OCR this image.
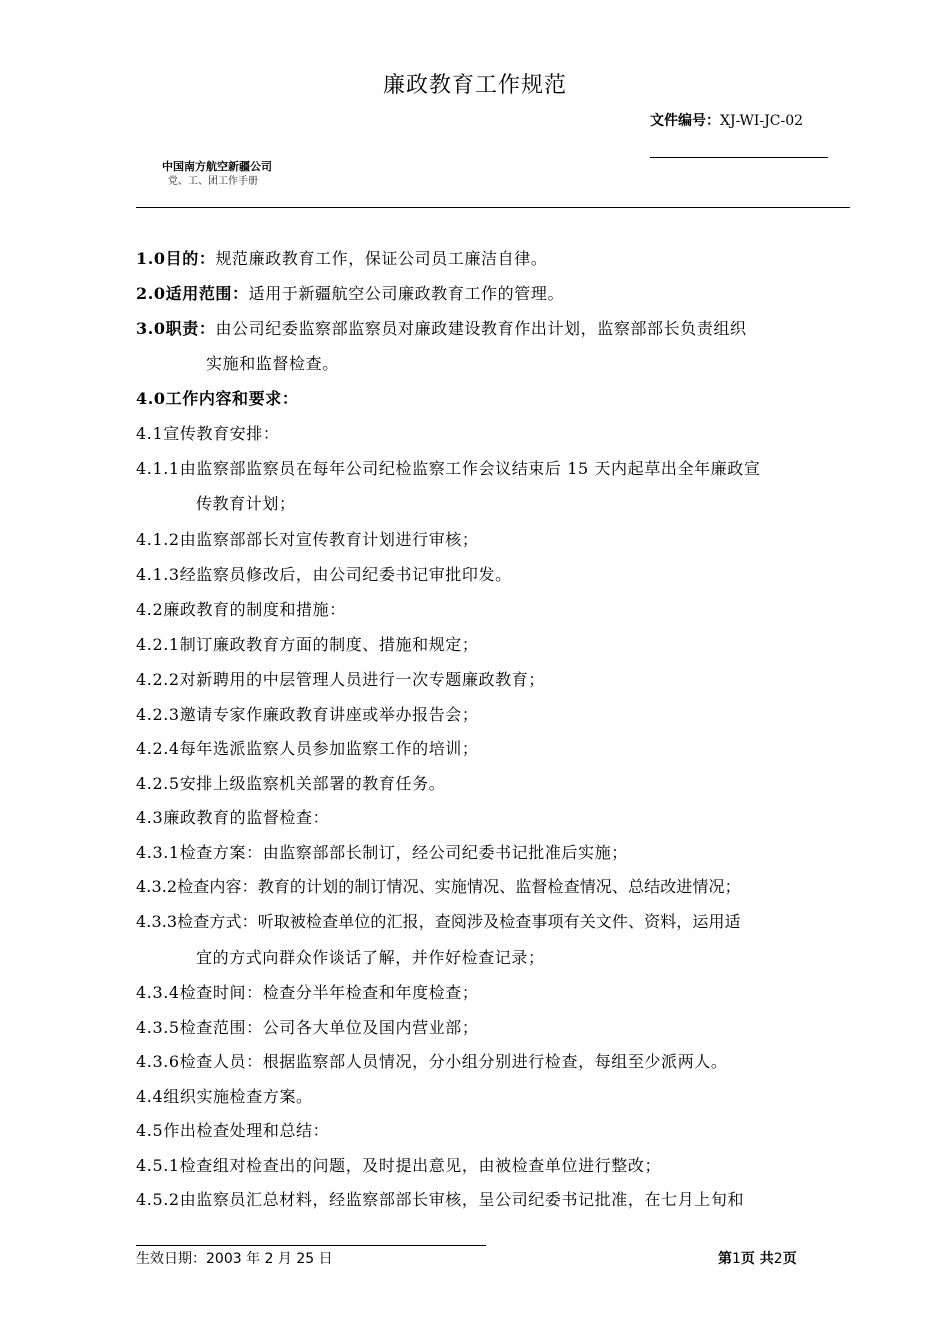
廉政教育工作规范
文件编号：XJ-WI-JC-02
中国南方航空新疆公司
党、工、团工作手册
1.0目的：规范廉政教育工作，保证公司员工廉洁自律。
2.0适用范围：适用于新疆航空公司廉政教育工作的管理。
3.0职责：由公司纪委监察部监察员对廉政建设教育作出计划，监察部部长负责组织
实施和监督检查。
4.0工作内容和要求：
4.1宣传教育安排：
4.1.1由监察部监察员在每年公司纪检监察工作会议结束后 15 天内起草出全年廉政宣
传教育计划；
4.1.2由监察部部长对宣传教育计划进行审核；
4.1.3经监察员修改后，由公司纪委书记审批印发。
4.2廉政教育的制度和措施：
4.2.1制订廉政教育方面的制度、措施和规定；
4.2.2对新聘用的中层管理人员进行一次专题廉政教育；
4.2.3邀请专家作廉政教育讲座或举办报告会；
4.2.4每年选派监察人员参加监察工作的培训；
4.2.5安排上级监察机关部署的教育任务。
4.3廉政教育的监督检查：
4.3.1检查方案：由监察部部长制订，经公司纪委书记批准后实施；
4.3.2检查内容：教育的计划的制订情况、实施情况、监督检查情况、总结改进情况；
4.3.3检查方式：听取被检查单位的汇报，查阅涉及检查事项有关文件、资料，运用适
宜的方式向群众作谈话了解，并作好检查记录；
4.3.4检查时间：检查分半年检查和年度检查；
4.3.5检查范围：公司各大单位及国内营业部；
4.3.6检查人员：根据监察部人员情况，分小组分别进行检查，每组至少派两人。
4.4组织实施检查方案。
4.5作出检查处理和总结：
4.5.1检查组对检查出的问题，及时提出意见，由被检查单位进行整改；
4.5.2由监察员汇总材料，经监察部部长审核，呈公司纪委书记批准，在七月上旬和
生效日期：2003 年 2 月 25 日	第1页 共2页
